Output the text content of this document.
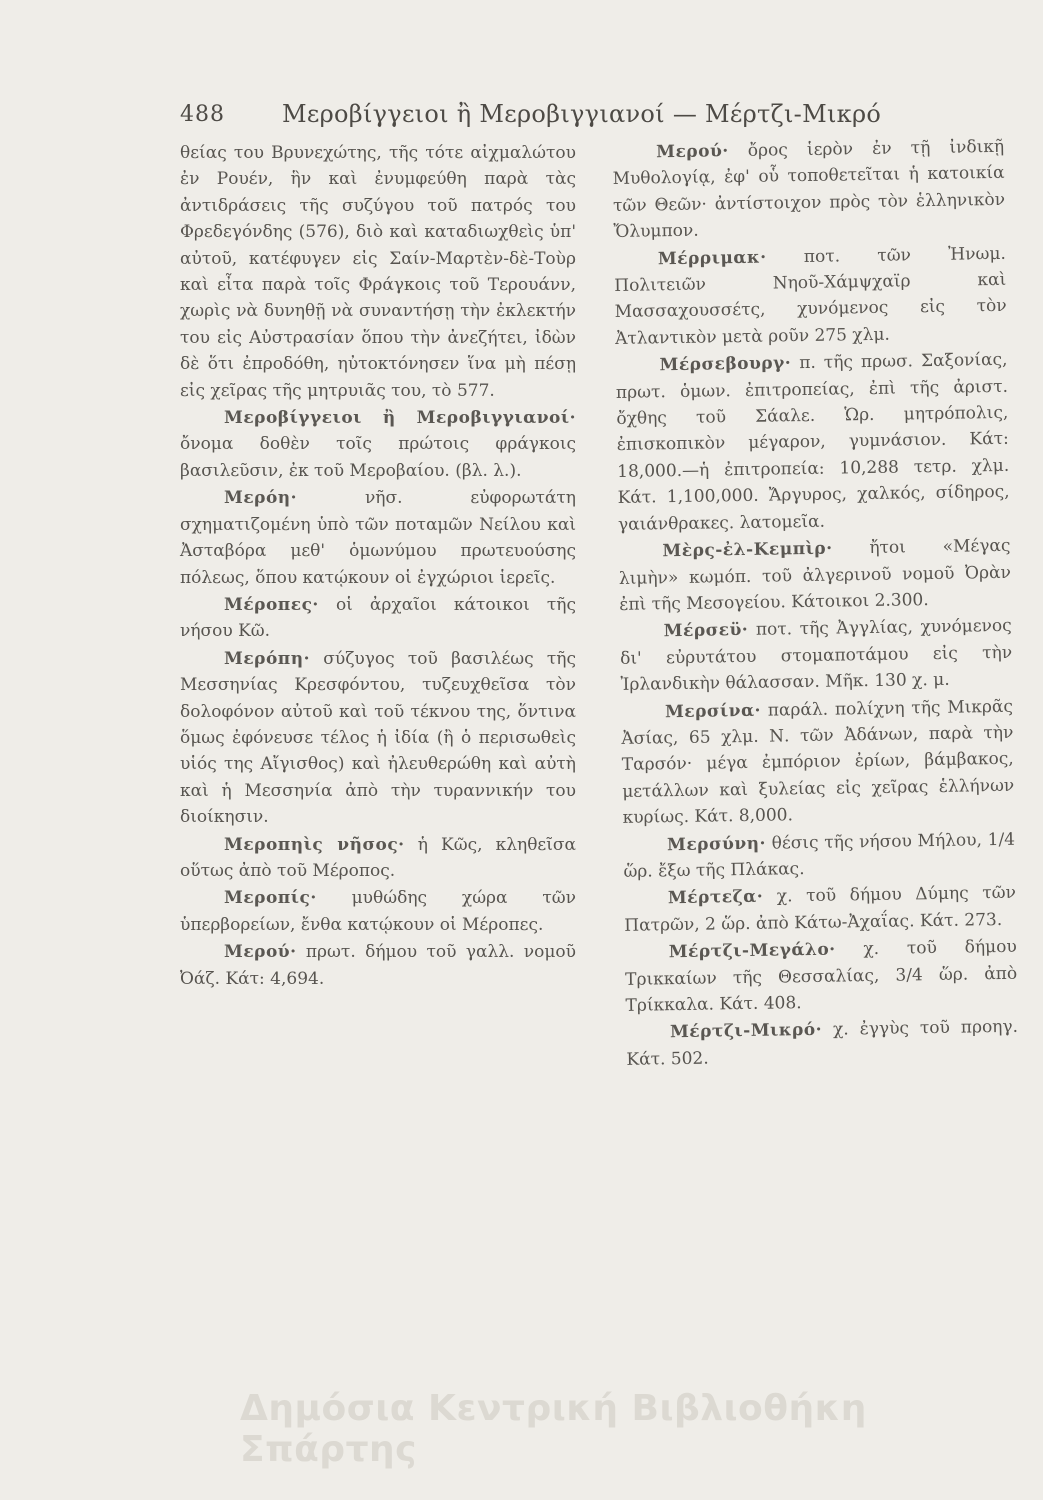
488 Μεροβίγγειοι ἢ Μεροβιγγιανοί — Μέρτζι-Μικρό

θείας του Βρυνεχώτης, τῆς τότε αἰχμαλώτου ἐν Ρουέν, ἣν καὶ ἐνυμφεύθη παρὰ τὰς ἀντιδράσεις τῆς συζύγου τοῦ πατρός του Φρεδεγόνδης (576), διὸ καὶ καταδιωχθεὶς ὑπ' αὐτοῦ, κατέφυγεν εἰς Σαίν-Μαρτὲν-δὲ-Τοὺρ καὶ εἶτα παρὰ τοῖς Φράγκοις τοῦ Τερουάνν, χωρὶς νὰ δυνηθῇ νὰ συναντήσῃ τὴν ἐκλεκτήν του εἰς Αὐστρασίαν ὅπου τὴν ἀνεζήτει, ἰδὼν δὲ ὅτι ἐπροδόθη, ηὐτοκτόνησεν ἵνα μὴ πέσῃ εἰς χεῖρας τῆς μητρυιᾶς του, τὸ 577.

Μεροβίγγειοι ἢ Μεροβιγγιανοί· ὄνομα δοθὲν τοῖς πρώτοις φράγκοις βασιλεῦσιν, ἐκ τοῦ Μεροβαίου. (βλ. λ.).

Μερόη· νῆσ. εὐφορωτάτη σχηματιζομένη ὑπὸ τῶν ποταμῶν Νείλου καὶ Ἀσταβόρα μεθ' ὁμωνύμου πρωτευούσης πόλεως, ὅπου κατῴκουν οἱ ἐγχώριοι ἱερεῖς.

Μέροπες· οἱ ἀρχαῖοι κάτοικοι τῆς νήσου Κῶ.

Μερόπη· σύζυγος τοῦ βασιλέως τῆς Μεσσηνίας Κρεσφόντου, τυζευχθεῖσα τὸν δολοφόνον αὐτοῦ καὶ τοῦ τέκνου της, ὅντινα ὅμως ἐφόνευσε τέλος ἡ ἰδία (ἢ ὁ περισωθεὶς υἱός της Αἴγισθος) καὶ ἠλευθερώθη καὶ αὐτὴ καὶ ἡ Μεσσηνία ἀπὸ τὴν τυραννικήν του διοίκησιν.

Μεροπηὶς νῆσος· ἡ Κῶς, κληθεῖσα οὕτως ἀπὸ τοῦ Μέροπος.

Μεροπίς· μυθώδης χώρα τῶν ὑπερβορείων, ἔνθα κατῴκουν οἱ Μέροπες.

Μερού· πρωτ. δήμου τοῦ γαλλ. νομοῦ Ὀάζ. Κάτ: 4,694.

Μερού· ὄρος ἱερὸν ἐν τῇ ἰνδικῇ Μυθολογίᾳ, ἐφ' οὗ τοποθετεῖται ἡ κατοικία τῶν Θεῶν· ἀντίστοιχον πρὸς τὸν ἑλληνικὸν Ὄλυμπον.

Μέρριμακ· ποτ. τῶν Ἠνωμ. Πολιτειῶν Νηοῦ-Χάμψχαϊρ καὶ Μασσαχουσσέτς, χυνόμενος εἰς τὸν Ἀτλαντικὸν μετὰ ροῦν 275 χλμ.

Μέρσεβουργ· π. τῆς πρωσ. Σαξονίας, πρωτ. ὁμων. ἐπιτροπείας, ἐπὶ τῆς ἀριστ. ὄχθης τοῦ Σάαλε. Ὡρ. μητρόπολις, ἐπισκοπικὸν μέγαρον, γυμνάσιον. Κάτ: 18,000.—ἡ ἐπιτροπεία: 10,288 τετρ. χλμ. Κάτ. 1,100,000. Ἄργυρος, χαλκός, σίδηρος, γαιάνθρακες. λατομεῖα.

Μὲρς-ἐλ-Κεμπὶρ· ἤτοι «Μέγας λιμὴν» κωμόπ. τοῦ ἀλγερινοῦ νομοῦ Ὀρὰν ἐπὶ τῆς Μεσογείου. Κάτοικοι 2.300.

Μέρσεϋ· ποτ. τῆς Ἀγγλίας, χυνόμενος δι' εὐρυτάτου στομαποτάμου εἰς τὴν Ἰρλανδικὴν θάλασσαν. Μῆκ. 130 χ. μ.

Μερσίνα· παράλ. πολίχνη τῆς Μικρᾶς Ἀσίας, 65 χλμ. Ν. τῶν Ἀδάνων, παρὰ τὴν Ταρσόν· μέγα ἐμπόριον ἐρίων, βάμβακος, μετάλλων καὶ ξυλείας εἰς χεῖρας ἑλλήνων κυρίως. Κάτ. 8,000.

Μερσύνη· θέσις τῆς νήσου Μήλου, 1/4 ὥρ. ἔξω τῆς Πλάκας.

Μέρτεζα· χ. τοῦ δήμου Δύμης τῶν Πατρῶν, 2 ὥρ. ἀπὸ Κάτω-Ἀχαΐας. Κάτ. 273.

Μέρτζι-Μεγάλο· χ. τοῦ δήμου Τρικκαίων τῆς Θεσσαλίας, 3/4 ὥρ. ἀπὸ Τρίκκαλα. Κάτ. 408.

Μέρτζι-Μικρό· χ. ἐγγὺς τοῦ προηγ. Κάτ. 502.

Δημόσια Κεντρική Βιβλιοθήκη Σπάρτης
